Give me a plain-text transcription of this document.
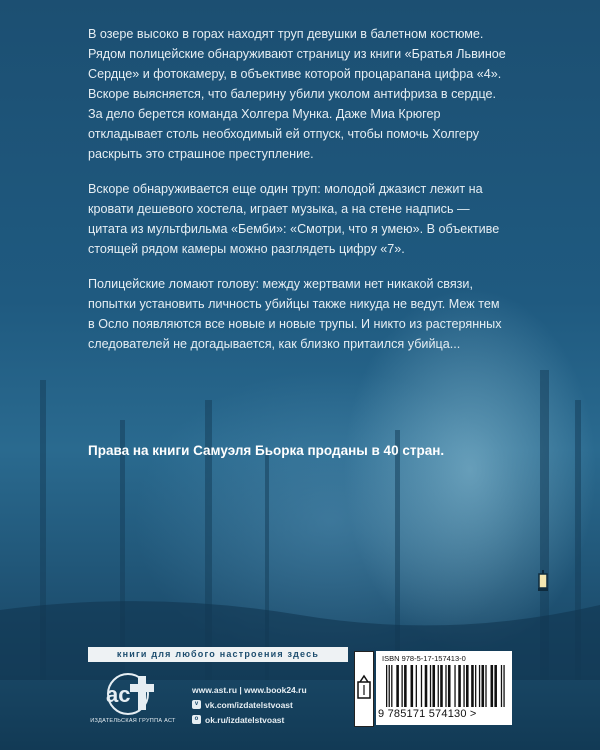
В озере высоко в горах находят труп девушки в балетном костюме. Рядом полицейские обнаруживают страницу из книги «Братья Львиное Сердце» и фотокамеру, в объективе которой процарапана цифра «4». Вскоре выясняется, что балерину убили уколом антифриза в сердце. За дело берется команда Холгера Мунка. Даже Миа Крюгер откладывает столь необходимый ей отпуск, чтобы помочь Холгеру раскрыть это страшное преступление.

Вскоре обнаруживается еще один труп: молодой джазист лежит на кровати дешевого хостела, играет музыка, а на стене надпись — цитата из мультфильма «Бемби»: «Смотри, что я умею». В объективе стоящей рядом камеры можно разглядеть цифру «7».

Полицейские ломают голову: между жертвами нет никакой связи, попытки установить личность убийцы также никуда не ведут. Меж тем в Осло появляются все новые и новые трупы. И никто из растерянных следователей не догадывается, как близко притаился убийца...

Права на книги Самуэля Бьорка проданы в 40 стран.
книги для любого настроения здесь
ас
ИЗДАТЕЛЬСКАЯ ГРУППА АСТ
www.ast.ru | www.book24.ru
v vk.com/izdatelstvoast
o ok.ru/izdatelstvoast
ISBN 978-5-17-157413-0
9 785171 574130 >
